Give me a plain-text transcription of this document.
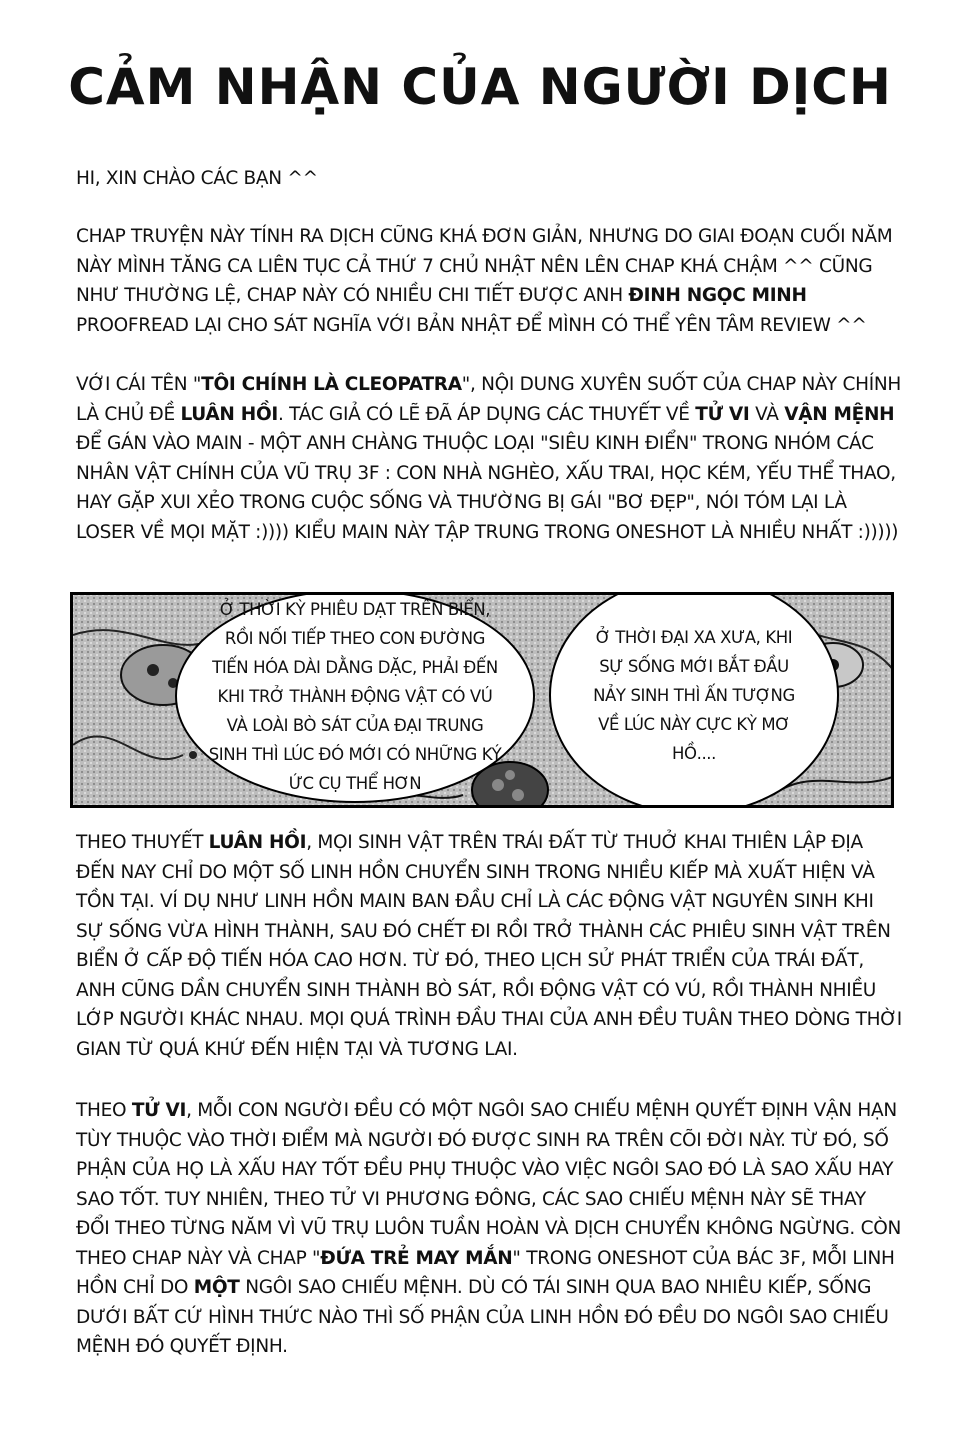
CẢM NHẬN CỦA NGƯỜI DỊCH

HI, XIN CHÀO CÁC BẠN ^^

CHAP TRUYỆN NÀY TÍNH RA DỊCH CŨNG KHÁ ĐƠN GIẢN, NHƯNG DO GIAI ĐOẠN CUỐI NĂM NÀY MÌNH TĂNG CA LIÊN TỤC CẢ THỨ 7 CHỦ NHẬT NÊN LÊN CHAP KHÁ CHẬM ^^ CŨNG NHƯ THƯỜNG LỆ, CHAP NÀY CÓ NHIỀU CHI TIẾT ĐƯỢC ANH ĐINH NGỌC MINH PROOFREAD LẠI CHO SÁT NGHĨA VỚI BẢN NHẬT ĐỂ MÌNH CÓ THỂ YÊN TÂM REVIEW ^^

VỚI CÁI TÊN "TÔI CHÍNH LÀ CLEOPATRA", NỘI DUNG XUYÊN SUỐT CỦA CHAP NÀY CHÍNH LÀ CHỦ ĐỀ LUÂN HỒI. TÁC GIẢ CÓ LẼ ĐÃ ÁP DỤNG CÁC THUYẾT VỀ TỬ VI VÀ VẬN MỆNH ĐỂ GÁN VÀO MAIN - MỘT ANH CHÀNG THUỘC LOẠI "SIÊU KINH ĐIỂN" TRONG NHÓM CÁC NHÂN VẬT CHÍNH CỦA VŨ TRỤ 3F : CON NHÀ NGHÈO, XẤU TRAI, HỌC KÉM, YẾU THỂ THAO, HAY GẶP XUI XẺO TRONG CUỘC SỐNG VÀ THƯỜNG BỊ GÁI "BƠ ĐẸP", NÓI TÓM LẠI LÀ LOSER VỀ MỌI MẶT :)))) KIỂU MAIN NÀY TẬP TRUNG TRONG ONESHOT LÀ NHIỀU NHẤT :)))))

Ở THỜI KỲ PHIÊU DẠT TRÊN BIỂN, RỒI NỐI TIẾP THEO CON ĐƯỜNG TIẾN HÓA DÀI DẰNG DẶC, PHẢI ĐẾN KHI TRỞ THÀNH ĐỘNG VẬT CÓ VÚ VÀ LOÀI BÒ SÁT CỦA ĐẠI TRUNG SINH THÌ LÚC ĐÓ MỚI CÓ NHỮNG KÝ ỨC CỤ THỂ HƠN
Ở THỜI ĐẠI XA XƯA, KHI SỰ SỐNG MỚI BẮT ĐẦU NẢY SINH THÌ ẤN TƯỢNG VỀ LÚC NÀY CỰC KỲ MƠ HỒ....

THEO THUYẾT LUÂN HỒI, MỌI SINH VẬT TRÊN TRÁI ĐẤT TỪ THUỞ KHAI THIÊN LẬP ĐỊA ĐẾN NAY CHỈ DO MỘT SỐ LINH HỒN CHUYỂN SINH TRONG NHIỀU KIẾP MÀ XUẤT HIỆN VÀ TỒN TẠI. VÍ DỤ NHƯ LINH HỒN MAIN BAN ĐẦU CHỈ LÀ CÁC ĐỘNG VẬT NGUYÊN SINH KHI SỰ SỐNG VỪA HÌNH THÀNH, SAU ĐÓ CHẾT ĐI RỒI TRỞ THÀNH CÁC PHIÊU SINH VẬT TRÊN BIỂN Ở CẤP ĐỘ TIẾN HÓA CAO HƠN. TỪ ĐÓ, THEO LỊCH SỬ PHÁT TRIỂN CỦA TRÁI ĐẤT, ANH CŨNG DẦN CHUYỂN SINH THÀNH BÒ SÁT, RỒI ĐỘNG VẬT CÓ VÚ, RỒI THÀNH NHIỀU LỚP NGƯỜI KHÁC NHAU. MỌI QUÁ TRÌNH ĐẦU THAI CỦA ANH ĐỀU TUÂN THEO DÒNG THỜI GIAN TỪ QUÁ KHỨ ĐẾN HIỆN TẠI VÀ TƯƠNG LAI.

THEO TỬ VI, MỖI CON NGƯỜI ĐỀU CÓ MỘT NGÔI SAO CHIẾU MỆNH QUYẾT ĐỊNH VẬN HẠN TÙY THUỘC VÀO THỜI ĐIỂM MÀ NGƯỜI ĐÓ ĐƯỢC SINH RA TRÊN CÕI ĐỜI NÀY. TỪ ĐÓ, SỐ PHẬN CỦA HỌ LÀ XẤU HAY TỐT ĐỀU PHỤ THUỘC VÀO VIỆC NGÔI SAO ĐÓ LÀ SAO XẤU HAY SAO TỐT. TUY NHIÊN, THEO TỬ VI PHƯƠNG ĐÔNG, CÁC SAO CHIẾU MỆNH NÀY SẼ THAY ĐỔI THEO TỪNG NĂM VÌ VŨ TRỤ LUÔN TUẦN HOÀN VÀ DỊCH CHUYỂN KHÔNG NGỪNG. CÒN THEO CHAP NÀY VÀ CHAP "ĐỨA TRẺ MAY MẮN" TRONG ONESHOT CỦA BÁC 3F, MỖI LINH HỒN CHỈ DO MỘT NGÔI SAO CHIẾU MỆNH. DÙ CÓ TÁI SINH QUA BAO NHIÊU KIẾP, SỐNG DƯỚI BẤT CỨ HÌNH THỨC NÀO THÌ SỐ PHẬN CỦA LINH HỒN ĐÓ ĐỀU DO NGÔI SAO CHIẾU MỆNH ĐÓ QUYẾT ĐỊNH.
